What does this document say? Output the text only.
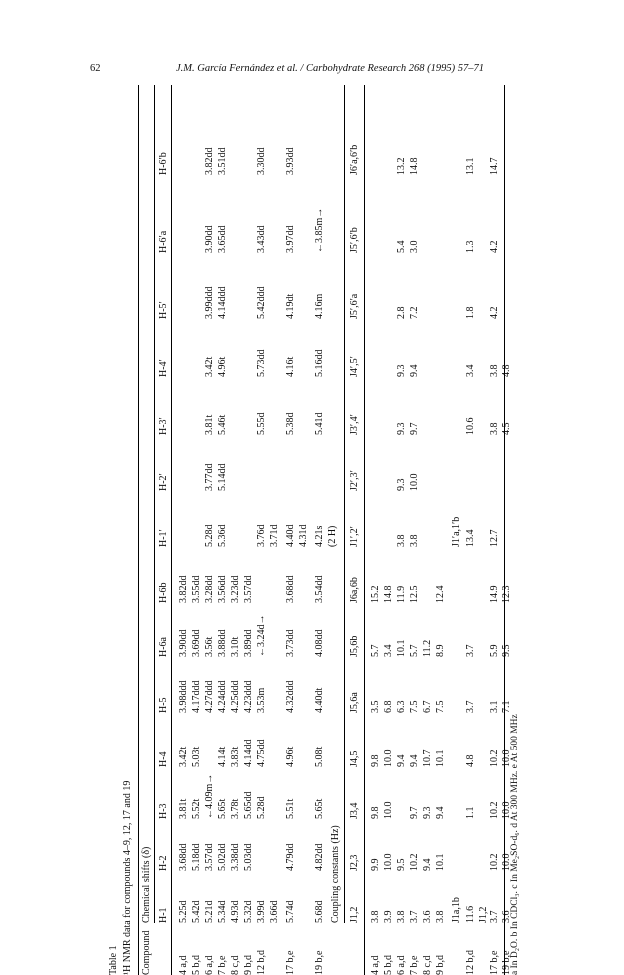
62	J.M. García Fernández et al. / Carbohydrate Research 268 (1995) 57–71
Table 1 ¹H NMR data for compounds 4–9, 12, 17 and 19 Compound
Chemical shifts (δ) H-1
H-2
H-3
H-4
H-5
H-6a
H-6b
H-1′
H-2′
H-3′
H-4′
H-5′
H-6′a
H-6′b
4 a,d
5.25d
3.68dd
3.81t
3.42t
3.98ddd
3.90dd
3.82dd
5 b,d
5.42d
5.18dd
5.52t
5.03t
4.17ddd
3.69dd
3.55dd
6 a,d
5.21d
3.57dd
←4.09m→
4.27ddd
3.56t
3.28dd
5.28d
3.77dd
3.81t
3.42t
3.99ddd
3.90dd
3.82dd
7 b,e
5.34d
5.02dd
5.65t
4.14t
4.24ddd
3.88dd
3.56dd
5.36d
5.14dd
5.46t
4.96t
4.14ddd
3.65dd
3.51dd
8 c,d
4.93d
3.38dd
3.78t
3.83t
4.25ddd
3.10t
3.23dd
9 b,d
5.32d
5.03dd
5.65dd
4.14dd
4.23ddd
3.89dd
3.57dd
12 b,d
3.99d
5.28d
4.75dd
3.53m
←3.24d→
3.76d
5.55d
5.73dd
5.42ddd
3.43dd
3.30dd
3.66d
3.71d
17 b,e
5.74d
4.79dd
5.51t
4.96t
4.32ddd
3.73dd
3.68dd
4.40d
5.38d
4.16t
4.19dt
3.97dd
3.93dd
4.31d
19 b,e
5.68d
4.82dd
5.65t
5.08t
4.40dt
4.08dd
3.54dd
4.21s
5.41d
5.16dd
4.16m
←3.85m→
(2 H)
Coupling constants (Hz) J1,2
J2,3
J3,4
J4,5
J5,6a
J5,6b
J6a,6b
J1′,2′
J2′,3′
J3′,4′
J4′,5′
J5′,6′a
J5′,6′b
J6′a,6′b
4 a,d
3.8
9.9
9.8
9.8
3.5
5.7
15.2
5 b,d
3.9
10.0
10.0
10.0
6.8
3.4
14.8
6 a,d
3.8
9.5
9.4
6.3
10.1
11.9
3.8
9.3
9.3
9.3
2.8
5.4
13.2
7 b,e
3.7
10.2
9.7
9.4
7.5
5.7
12.5
3.8
10.0
9.7
9.4
7.2
3.0
14.8
8 c,d
3.6
9.4
9.3
10.7
6.7
11.2
9 b,d
3.8
10.1
9.4
10.1
7.5
8.9
12.4
J1a,1b
J1′a,1′b
12 b,d
11.6
1.1
4.8
3.7
3.7
13.4
10.6
3.4
1.8
1.3
13.1
J1,2
17 b,e
3.7
10.2
10.2
10.2
3.1
5.9
14.9
12.7
3.8
3.8
4.2
4.2
14.7
19 b,e
3.6
10.0
10.0
10.0
7.1
9.5
12.3
4.5
4.8
a In D₂O. b In CDCl₃. c In Me₂SO-d₆. d At 300 MHz. e At 500 MHz
